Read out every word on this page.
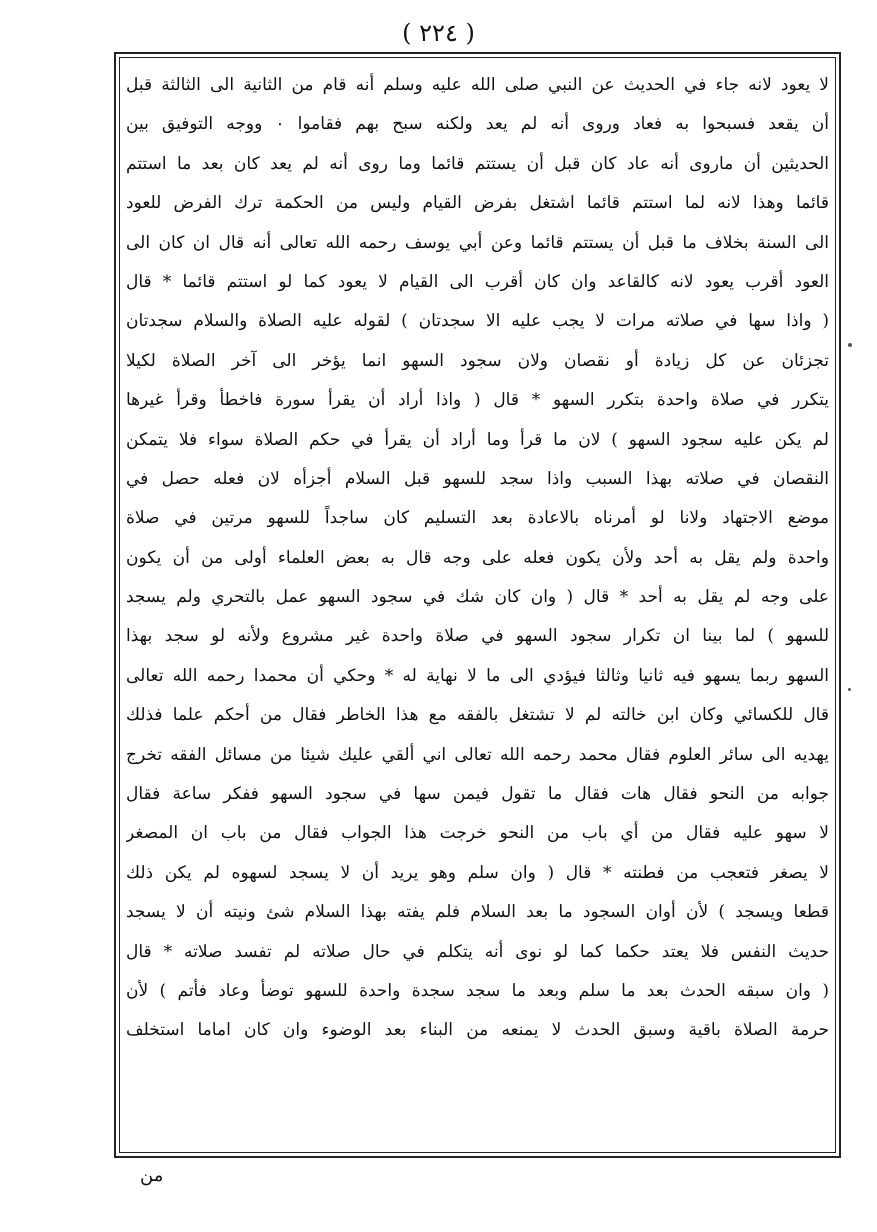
( ٢٢٤ )
لا يعود لانه جاء في الحديث عن النبي صلى الله عليه وسلم أنه قام من الثانية الى الثالثة قبل
أن يقعد فسبحوا به فعاد وروى أنه لم يعد ولكنه سبح بهم فقاموا ٠ ووجه التوفيق بين
الحديثين أن ماروى أنه عاد كان قبل أن يستتم قائما وما روى أنه لم يعد كان بعد ما استتم
قائما وهذا لانه لما استتم قائما اشتغل بفرض القيام وليس من الحكمة ترك الفرض للعود
الى السنة بخلاف ما قبل أن يستتم قائما وعن أبي يوسف رحمه الله تعالى أنه قال ان كان الى
العود أقرب يعود لانه كالقاعد وان كان أقرب الى القيام لا يعود كما لو استتم قائما * قال
( واذا سها في صلاته مرات لا يجب عليه الا سجدتان ) لقوله عليه الصلاة والسلام سجدتان
تجزئان عن كل زيادة أو نقصان ولان سجود السهو انما يؤخر الى آخر الصلاة لكيلا
يتكرر في صلاة واحدة بتكرر السهو * قال ( واذا أراد أن يقرأ سورة فاخطأ وقرأ غيرها
لم يكن عليه سجود السهو ) لان ما قرأ وما أراد أن يقرأ في حكم الصلاة سواء فلا يتمكن
النقصان في صلاته بهذا السبب واذا سجد للسهو قبل السلام أجزأه لان فعله حصل في
موضع الاجتهاد ولانا لو أمرناه بالاعادة بعد التسليم كان ساجداً للسهو مرتين في صلاة
واحدة ولم يقل به أحد ولأن يكون فعله على وجه قال به بعض العلماء أولى من أن يكون
على وجه لم يقل به أحد * قال ( وان كان شك في سجود السهو عمل بالتحري ولم يسجد
للسهو ) لما بينا ان تكرار سجود السهو في صلاة واحدة غير مشروع ولأنه لو سجد بهذا
السهو ربما يسهو فيه ثانيا وثالثا فيؤدي الى ما لا نهاية له * وحكي أن محمدا رحمه الله تعالى
قال للكسائي وكان ابن خالته لم لا تشتغل بالفقه مع هذا الخاطر فقال من أحكم علما فذلك
يهديه الى سائر العلوم فقال محمد رحمه الله تعالى اني ألقي عليك شيئا من مسائل الفقه تخرج
جوابه من النحو فقال هات فقال ما تقول فيمن سها في سجود السهو ففكر ساعة فقال
لا سهو عليه فقال من أي باب من النحو خرجت هذا الجواب فقال من باب ان المصغر
لا يصغر فتعجب من فطنته * قال ( وان سلم وهو يريد أن لا يسجد لسهوه لم يكن ذلك
قطعا ويسجد ) لأن أوان السجود ما بعد السلام فلم يفته بهذا السلام شئ ونيته أن لا يسجد
حديث النفس فلا يعتد حكما كما لو نوى أنه يتكلم في حال صلاته لم تفسد صلاته * قال
( وان سبقه الحدث بعد ما سلم وبعد ما سجد سجدة واحدة للسهو توضأ وعاد فأتم ) لأن
حرمة الصلاة باقية وسبق الحدث لا يمنعه من البناء بعد الوضوء وان كان اماما استخلف
من
